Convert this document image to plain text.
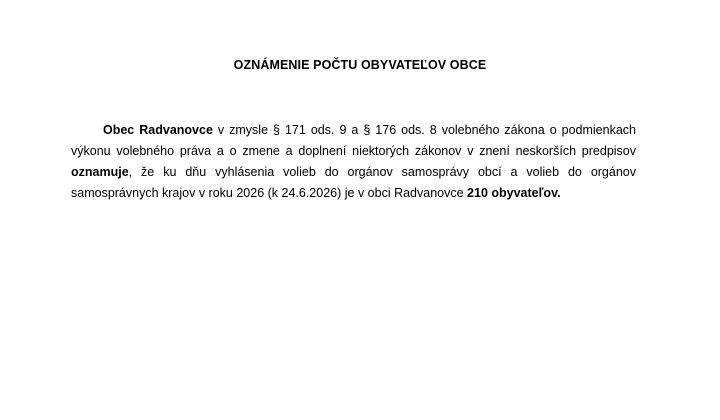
OZNÁMENIE POČTU OBYVATEĽOV OBCE

Obec Radvanovce v zmysle § 171 ods. 9 a § 176 ods. 8 volebného zákona o podmienkach výkonu volebného práva a o zmene a doplnení niektorých zákonov v znení neskorších predpisov oznamuje, že ku dňu vyhlásenia volieb do orgánov samosprávy obcí a volieb do orgánov samosprávnych krajov v roku 2026 (k 24.6.2026) je v obci Radvanovce 210 obyvateľov.
